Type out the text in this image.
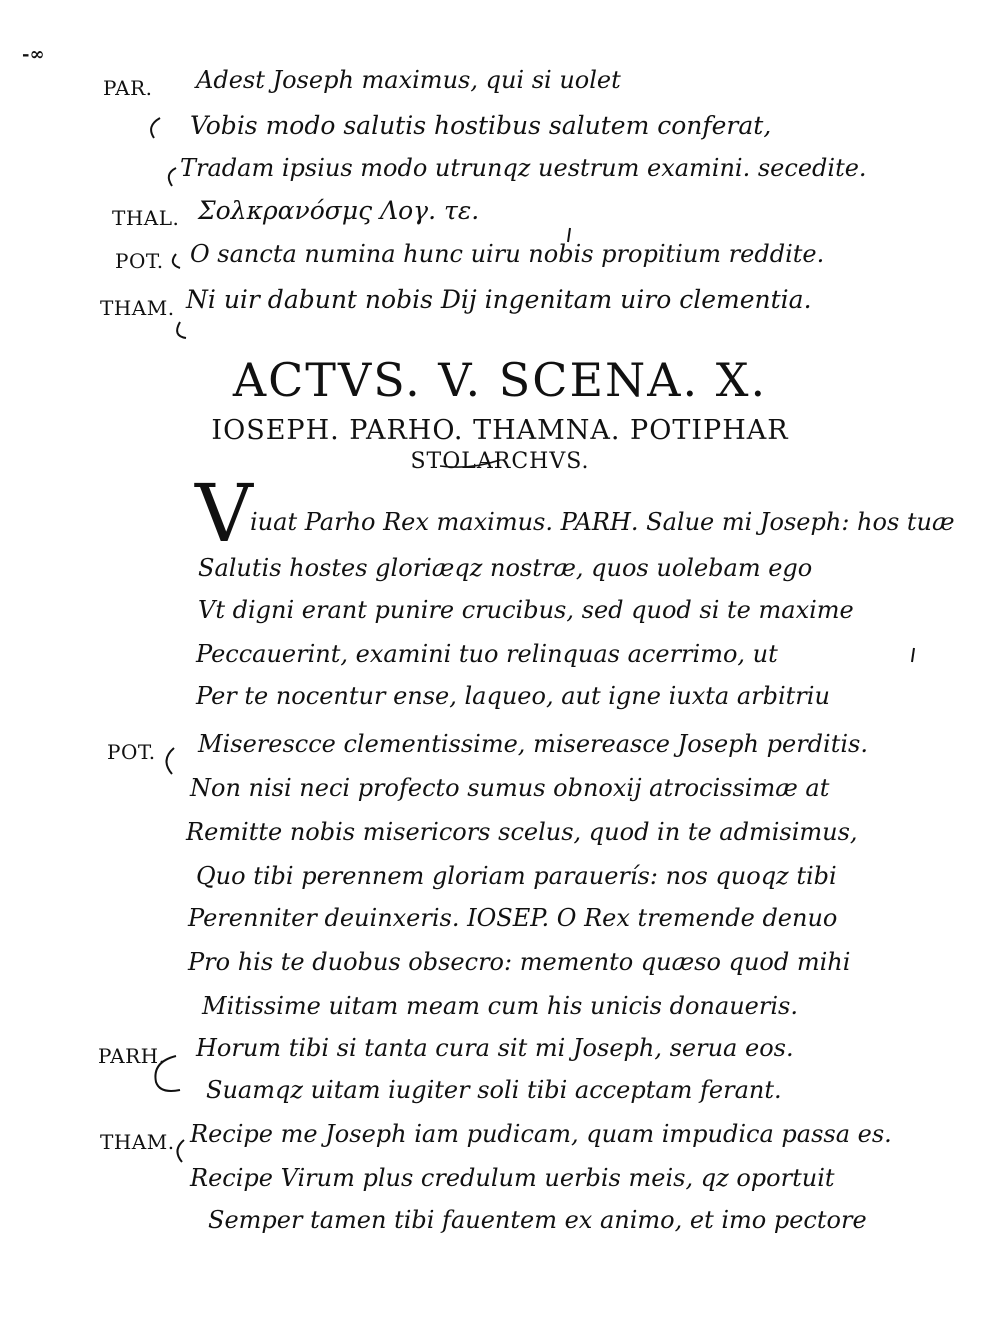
-∞
PAR. Adest Joseph maximus, qui si uolet
Vobis modo salutis hostibus salutem conferat,
Tradam ipsius modo utrunqz uestrum examini. secedite.
THAL. Σολκρανόσμς Λογ. τε.
POT. O sancta numina hunc uiru nobis propitium reddite.
THAM. Ni uir dabunt nobis Dij ingenitam uiro clementia.
ACTVS. V. SCENA. X.
IOSEPH. PARHO. THAMNA. POTIPHAR
STOLARCHVS.
V
iuat Parho Rex maximus. PARH. Salue mi Joseph: hos tuæ
Salutis hostes gloriæqz nostræ, quos uolebam ego
Vt digni erant punire crucibus, sed quod si te maxime
Peccauerint, examini tuo relinquas acerrimo, ut
Per te nocentur ense, laqueo, aut igne iuxta arbitriu
POT. Miserescce clementissime, misereasce Joseph perditis.
Non nisi neci profecto sumus obnoxij atrocissimæ at
Remitte nobis misericors scelus, quod in te admisimus,
Quo tibi perennem gloriam parauerís: nos quoqz tibi
Perenniter deuinxeris. IOSEP. O Rex tremende denuo
Pro his te duobus obsecro: memento quæso quod mihi
Mitissime uitam meam cum his unicis donaueris.
PARH. Horum tibi si tanta cura sit mi Joseph, serua eos.
Suamqz uitam iugiter soli tibi acceptam ferant.
THAM. Recipe me Joseph iam pudicam, quam impudica passa es.
Recipe Virum plus credulum uerbis meis, qz oportuit
Semper tamen tibi fauentem ex animo, et imo pectore
